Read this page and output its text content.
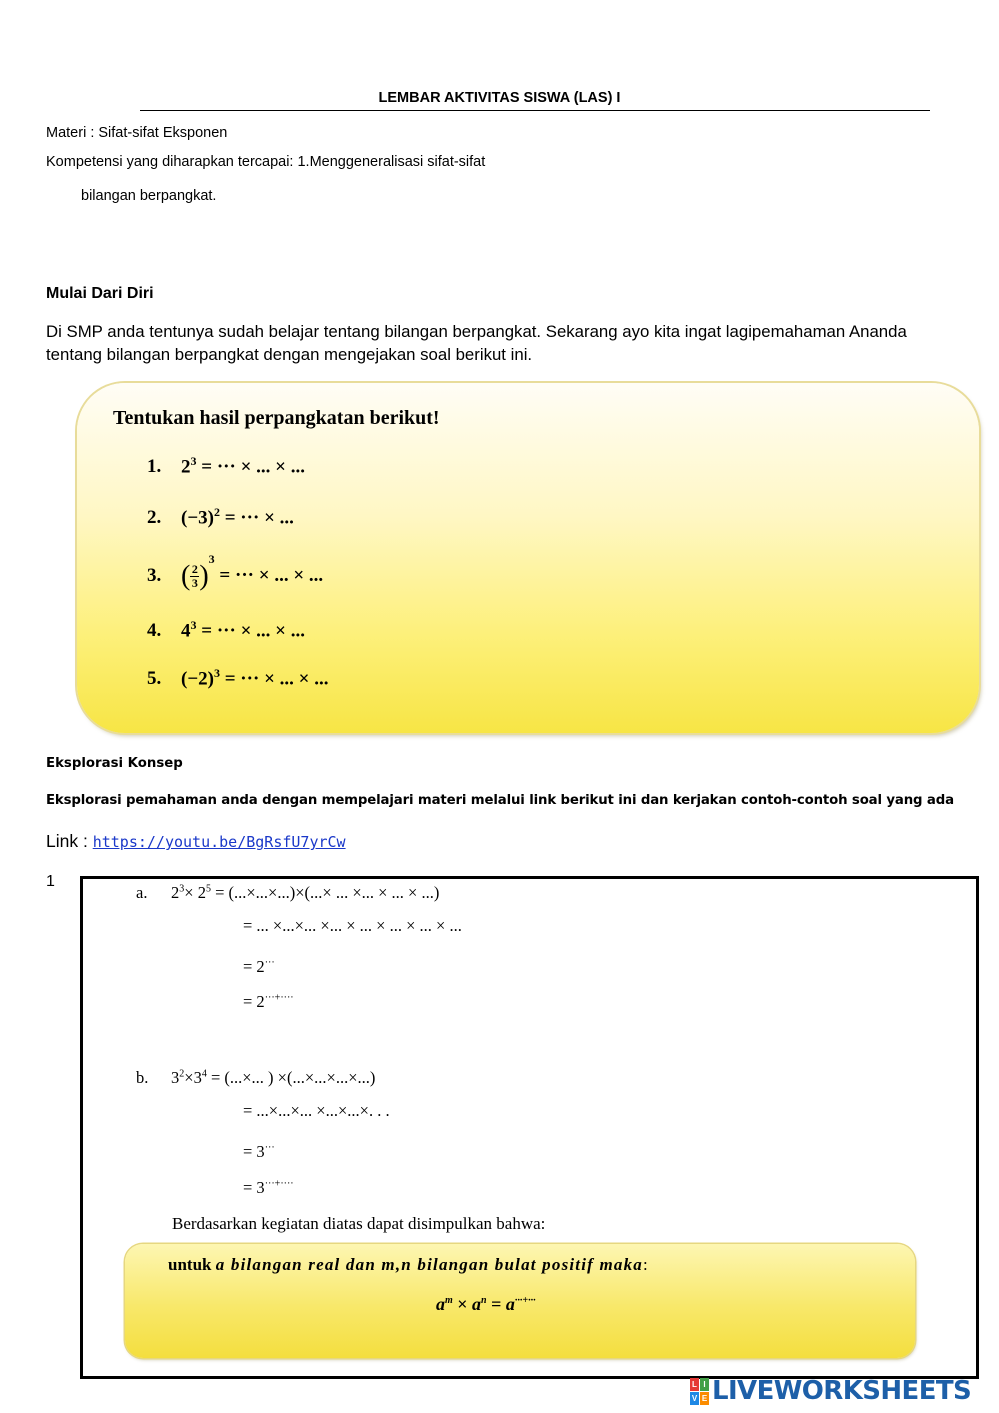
LEMBAR AKTIVITAS SISWA (LAS) I
Materi : Sifat-sifat Eksponen
Kompetensi yang diharapkan tercapai: 1.Menggeneralisasi sifat-sifat
bilangan berpangkat.
Mulai Dari Diri
Di SMP anda tentunya sudah belajar tentang bilangan berpangkat. Sekarang ayo kita ingat lagipemahaman Ananda tentang bilangan berpangkat dengan mengejakan soal berikut ini.
Tentukan hasil perpangkatan berikut!
1. $2^3$ = ··· × ... × ...
2. $(-3)^2$ = ··· × ...
3. ( $\frac{2}{3} )^3$ = ··· × ... × ...
4. $4^3$ = ··· × ... × ...
5. $(-2)^3$ = ··· × ... × ...
Eksplorasi Konsep
Eksplorasi pemahaman anda dengan mempelajari materi melalui link berikut ini dan kerjakan contoh-contoh soal yang ada
Link : https://youtu.be/BgRsfU7yrCw
1
a. $2^3\times 2^5$ = (...×...×...)×(...× ... ×... × ... × ...)
= ... ×...×... ×... × ... × ... × ... × ...
= 2···
= 2···+····
b. $3^2\times 3^4$ = (...×... ) ×(...×...×...×...)
= ...×...×... ×...×...×. . .
= 3···
= 3···+····
Berdasarkan kegiatan diatas dapat disimpulkan bahwa:
untuk a bilangan real dan m,n bilangan bulat positif maka:
$a^m \times a^n = a^{\cdot\cdot\cdot+\cdot\cdot\cdot}$
L I
V E LIVEWORKSHEETS
